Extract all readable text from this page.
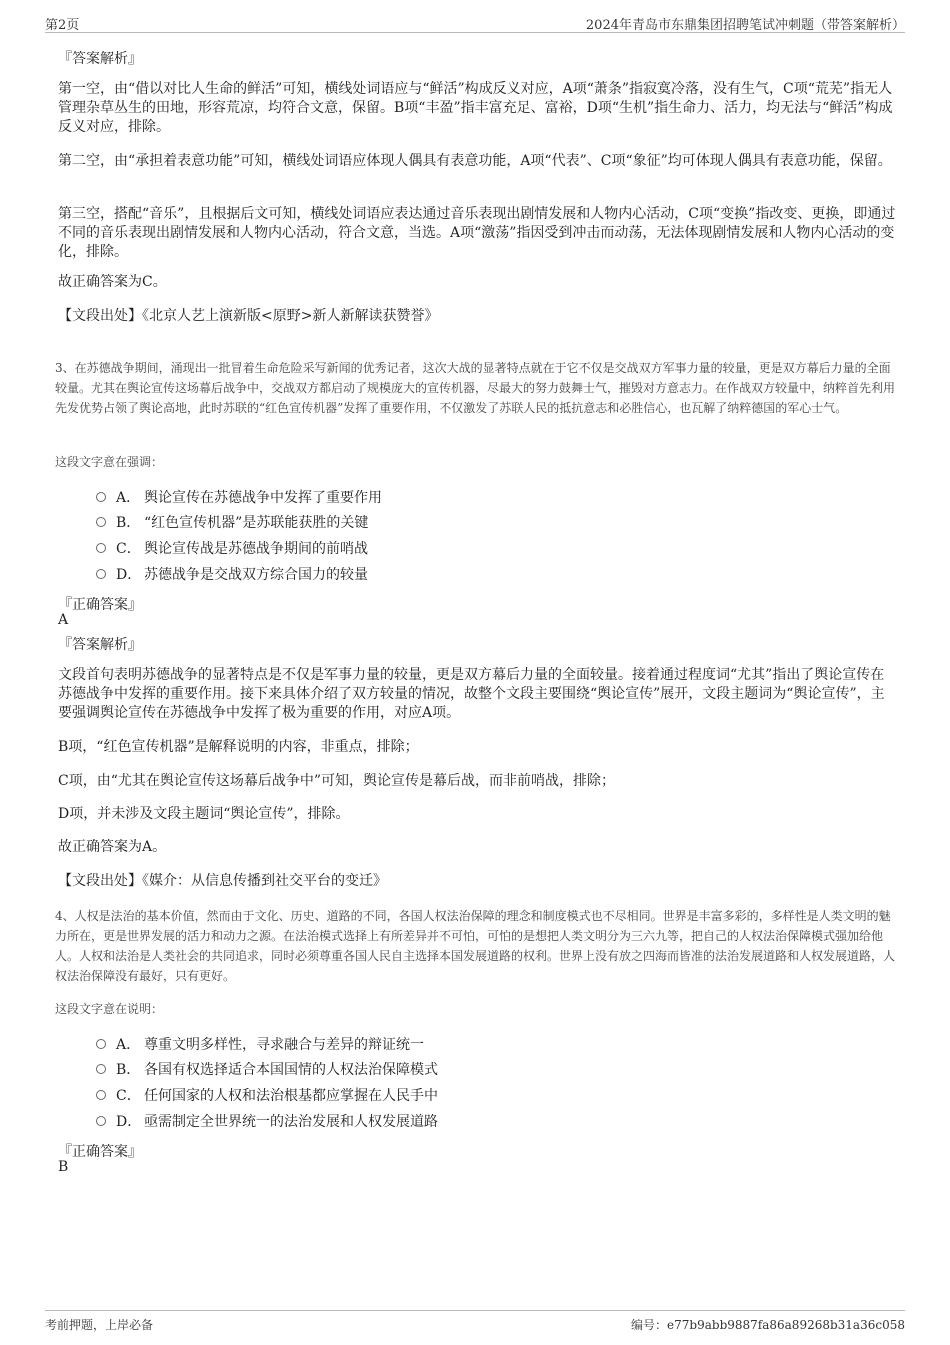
第2页	2024年青岛市东鼎集团招聘笔试冲刺题（带答案解析）
『答案解析』

第一空，由“借以对比人生命的鲜活”可知，横线处词语应与“鲜活”构成反义对应，A项“萧条”指寂寞冷落，没有生气，C项“荒芜”指无人管理杂草丛生的田地，形容荒凉，均符合文意，保留。B项“丰盈”指丰富充足、富裕，D项“生机”指生命力、活力，均无法与“鲜活”构成反义对应，排除。

第二空，由“承担着表意功能”可知，横线处词语应体现人偶具有表意功能，A项“代表”、C项“象征”均可体现人偶具有表意功能，保留。

第三空，搭配“音乐”，且根据后文可知，横线处词语应表达通过音乐表现出剧情发展和人物内心活动，C项“变换”指改变、更换，即通过不同的音乐表现出剧情发展和人物内心活动，符合文意，当选。A项“激荡”指因受到冲击而动荡，无法体现剧情发展和人物内心活动的变化，排除。

故正确答案为C。
【文段出处】《北京人艺上演新版<原野>新人新解读获赞誉》

3、在苏德战争期间，涌现出一批冒着生命危险采写新闻的优秀记者，这次大战的显著特点就在于它不仅是交战双方军事力量的较量，更是双方幕后力量的全面较量。尤其在舆论宣传这场幕后战争中，交战双方都启动了规模庞大的宣传机器，尽最大的努力鼓舞士气，摧毁对方意志力。在作战双方较量中，纳粹首先利用先发优势占领了舆论高地，此时苏联的“红色宣传机器”发挥了重要作用，不仅激发了苏联人民的抵抗意志和必胜信心，也瓦解了纳粹德国的军心士气。

这段文字意在强调：
A． 舆论宣传在苏德战争中发挥了重要作用
B． “红色宣传机器”是苏联能获胜的关键
C． 舆论宣传战是苏德战争期间的前哨战
D． 苏德战争是交战双方综合国力的较量
『正确答案』
A
『答案解析』

文段首句表明苏德战争的显著特点是不仅是军事力量的较量，更是双方幕后力量的全面较量。接着通过程度词“尤其”指出了舆论宣传在苏德战争中发挥的重要作用。接下来具体介绍了双方较量的情况，故整个文段主要围绕“舆论宣传”展开，文段主题词为“舆论宣传”，主要强调舆论宣传在苏德战争中发挥了极为重要的作用，对应A项。

B项，“红色宣传机器”是解释说明的内容，非重点，排除；
C项，由“尤其在舆论宣传这场幕后战争中”可知，舆论宣传是幕后战，而非前哨战，排除；
D项，并未涉及文段主题词“舆论宣传”，排除。
故正确答案为A。
【文段出处】《媒介：从信息传播到社交平台的变迁》

4、人权是法治的基本价值，然而由于文化、历史、道路的不同，各国人权法治保障的理念和制度模式也不尽相同。世界是丰富多彩的，多样性是人类文明的魅力所在，更是世界发展的活力和动力之源。在法治模式选择上有所差异并不可怕，可怕的是想把人类文明分为三六九等，把自己的人权法治保障模式强加给他人。人权和法治是人类社会的共同追求，同时必须尊重各国人民自主选择本国发展道路的权利。世界上没有放之四海而皆准的法治发展道路和人权发展道路，人权法治保障没有最好，只有更好。

这段文字意在说明：
A． 尊重文明多样性，寻求融合与差异的辩证统一
B． 各国有权选择适合本国国情的人权法治保障模式
C． 任何国家的人权和法治根基都应掌握在人民手中
D． 亟需制定全世界统一的法治发展和人权发展道路
『正确答案』
B
考前押题，上岸必备	编号：e77b9abb9887fa86a89268b31a36c058
